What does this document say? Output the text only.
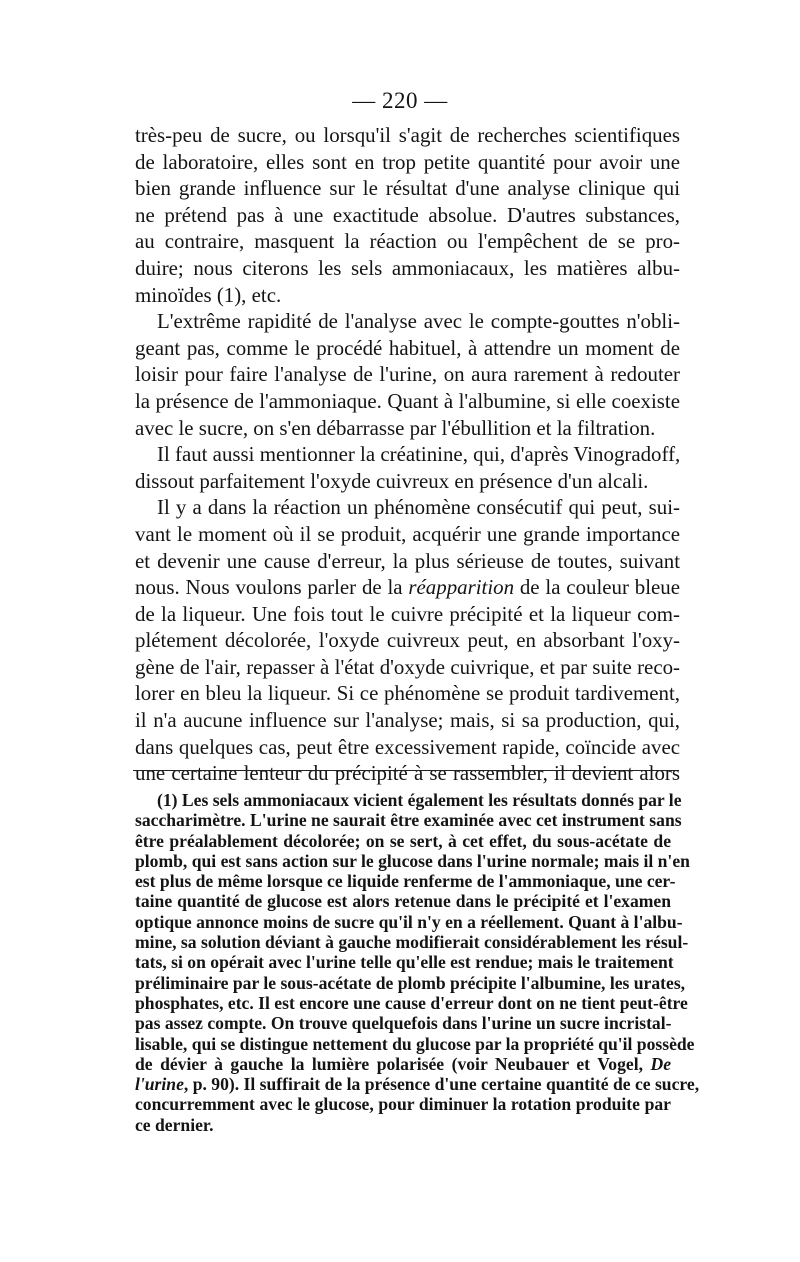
— 220 —
très-peu de sucre, ou lorsqu'il s'agit de recherches scientifiques
de laboratoire, elles sont en trop petite quantité pour avoir une
bien grande influence sur le résultat d'une analyse clinique qui
ne prétend pas à une exactitude absolue. D'autres substances,
au contraire, masquent la réaction ou l'empêchent de se pro-
duire; nous citerons les sels ammoniacaux, les matières albu-
minoïdes (1), etc.
L'extrême rapidité de l'analyse avec le compte-gouttes n'obli-
geant pas, comme le procédé habituel, à attendre un moment de
loisir pour faire l'analyse de l'urine, on aura rarement à redouter
la présence de l'ammoniaque. Quant à l'albumine, si elle coexiste
avec le sucre, on s'en débarrasse par l'ébullition et la filtration.
Il faut aussi mentionner la créatinine, qui, d'après Vinogradoff,
dissout parfaitement l'oxyde cuivreux en présence d'un alcali.
Il y a dans la réaction un phénomène consécutif qui peut, sui-
vant le moment où il se produit, acquérir une grande importance
et devenir une cause d'erreur, la plus sérieuse de toutes, suivant
nous. Nous voulons parler de la réapparition de la couleur bleue
de la liqueur. Une fois tout le cuivre précipité et la liqueur com-
plétement décolorée, l'oxyde cuivreux peut, en absorbant l'oxy-
gène de l'air, repasser à l'état d'oxyde cuivrique, et par suite reco-
lorer en bleu la liqueur. Si ce phénomène se produit tardivement,
il n'a aucune influence sur l'analyse; mais, si sa production, qui,
dans quelques cas, peut être excessivement rapide, coïncide avec
une certaine lenteur du précipité à se rassembler, il devient alors
(1) Les sels ammoniacaux vicient également les résultats donnés par le
saccharimètre. L'urine ne saurait être examinée avec cet instrument sans
être préalablement décolorée; on se sert, à cet effet, du sous-acétate de
plomb, qui est sans action sur le glucose dans l'urine normale; mais il n'en
est plus de même lorsque ce liquide renferme de l'ammoniaque, une cer-
taine quantité de glucose est alors retenue dans le précipité et l'examen
optique annonce moins de sucre qu'il n'y en a réellement. Quant à l'albu-
mine, sa solution déviant à gauche modifierait considérablement les résul-
tats, si on opérait avec l'urine telle qu'elle est rendue; mais le traitement
préliminaire par le sous-acétate de plomb précipite l'albumine, les urates,
phosphates, etc. Il est encore une cause d'erreur dont on ne tient peut-être
pas assez compte. On trouve quelquefois dans l'urine un sucre incristal-
lisable, qui se distingue nettement du glucose par la propriété qu'il possède
de dévier à gauche la lumière polarisée (voir Neubauer et Vogel, De
l'urine, p. 90). Il suffirait de la présence d'une certaine quantité de ce sucre,
concurremment avec le glucose, pour diminuer la rotation produite par
ce dernier.
